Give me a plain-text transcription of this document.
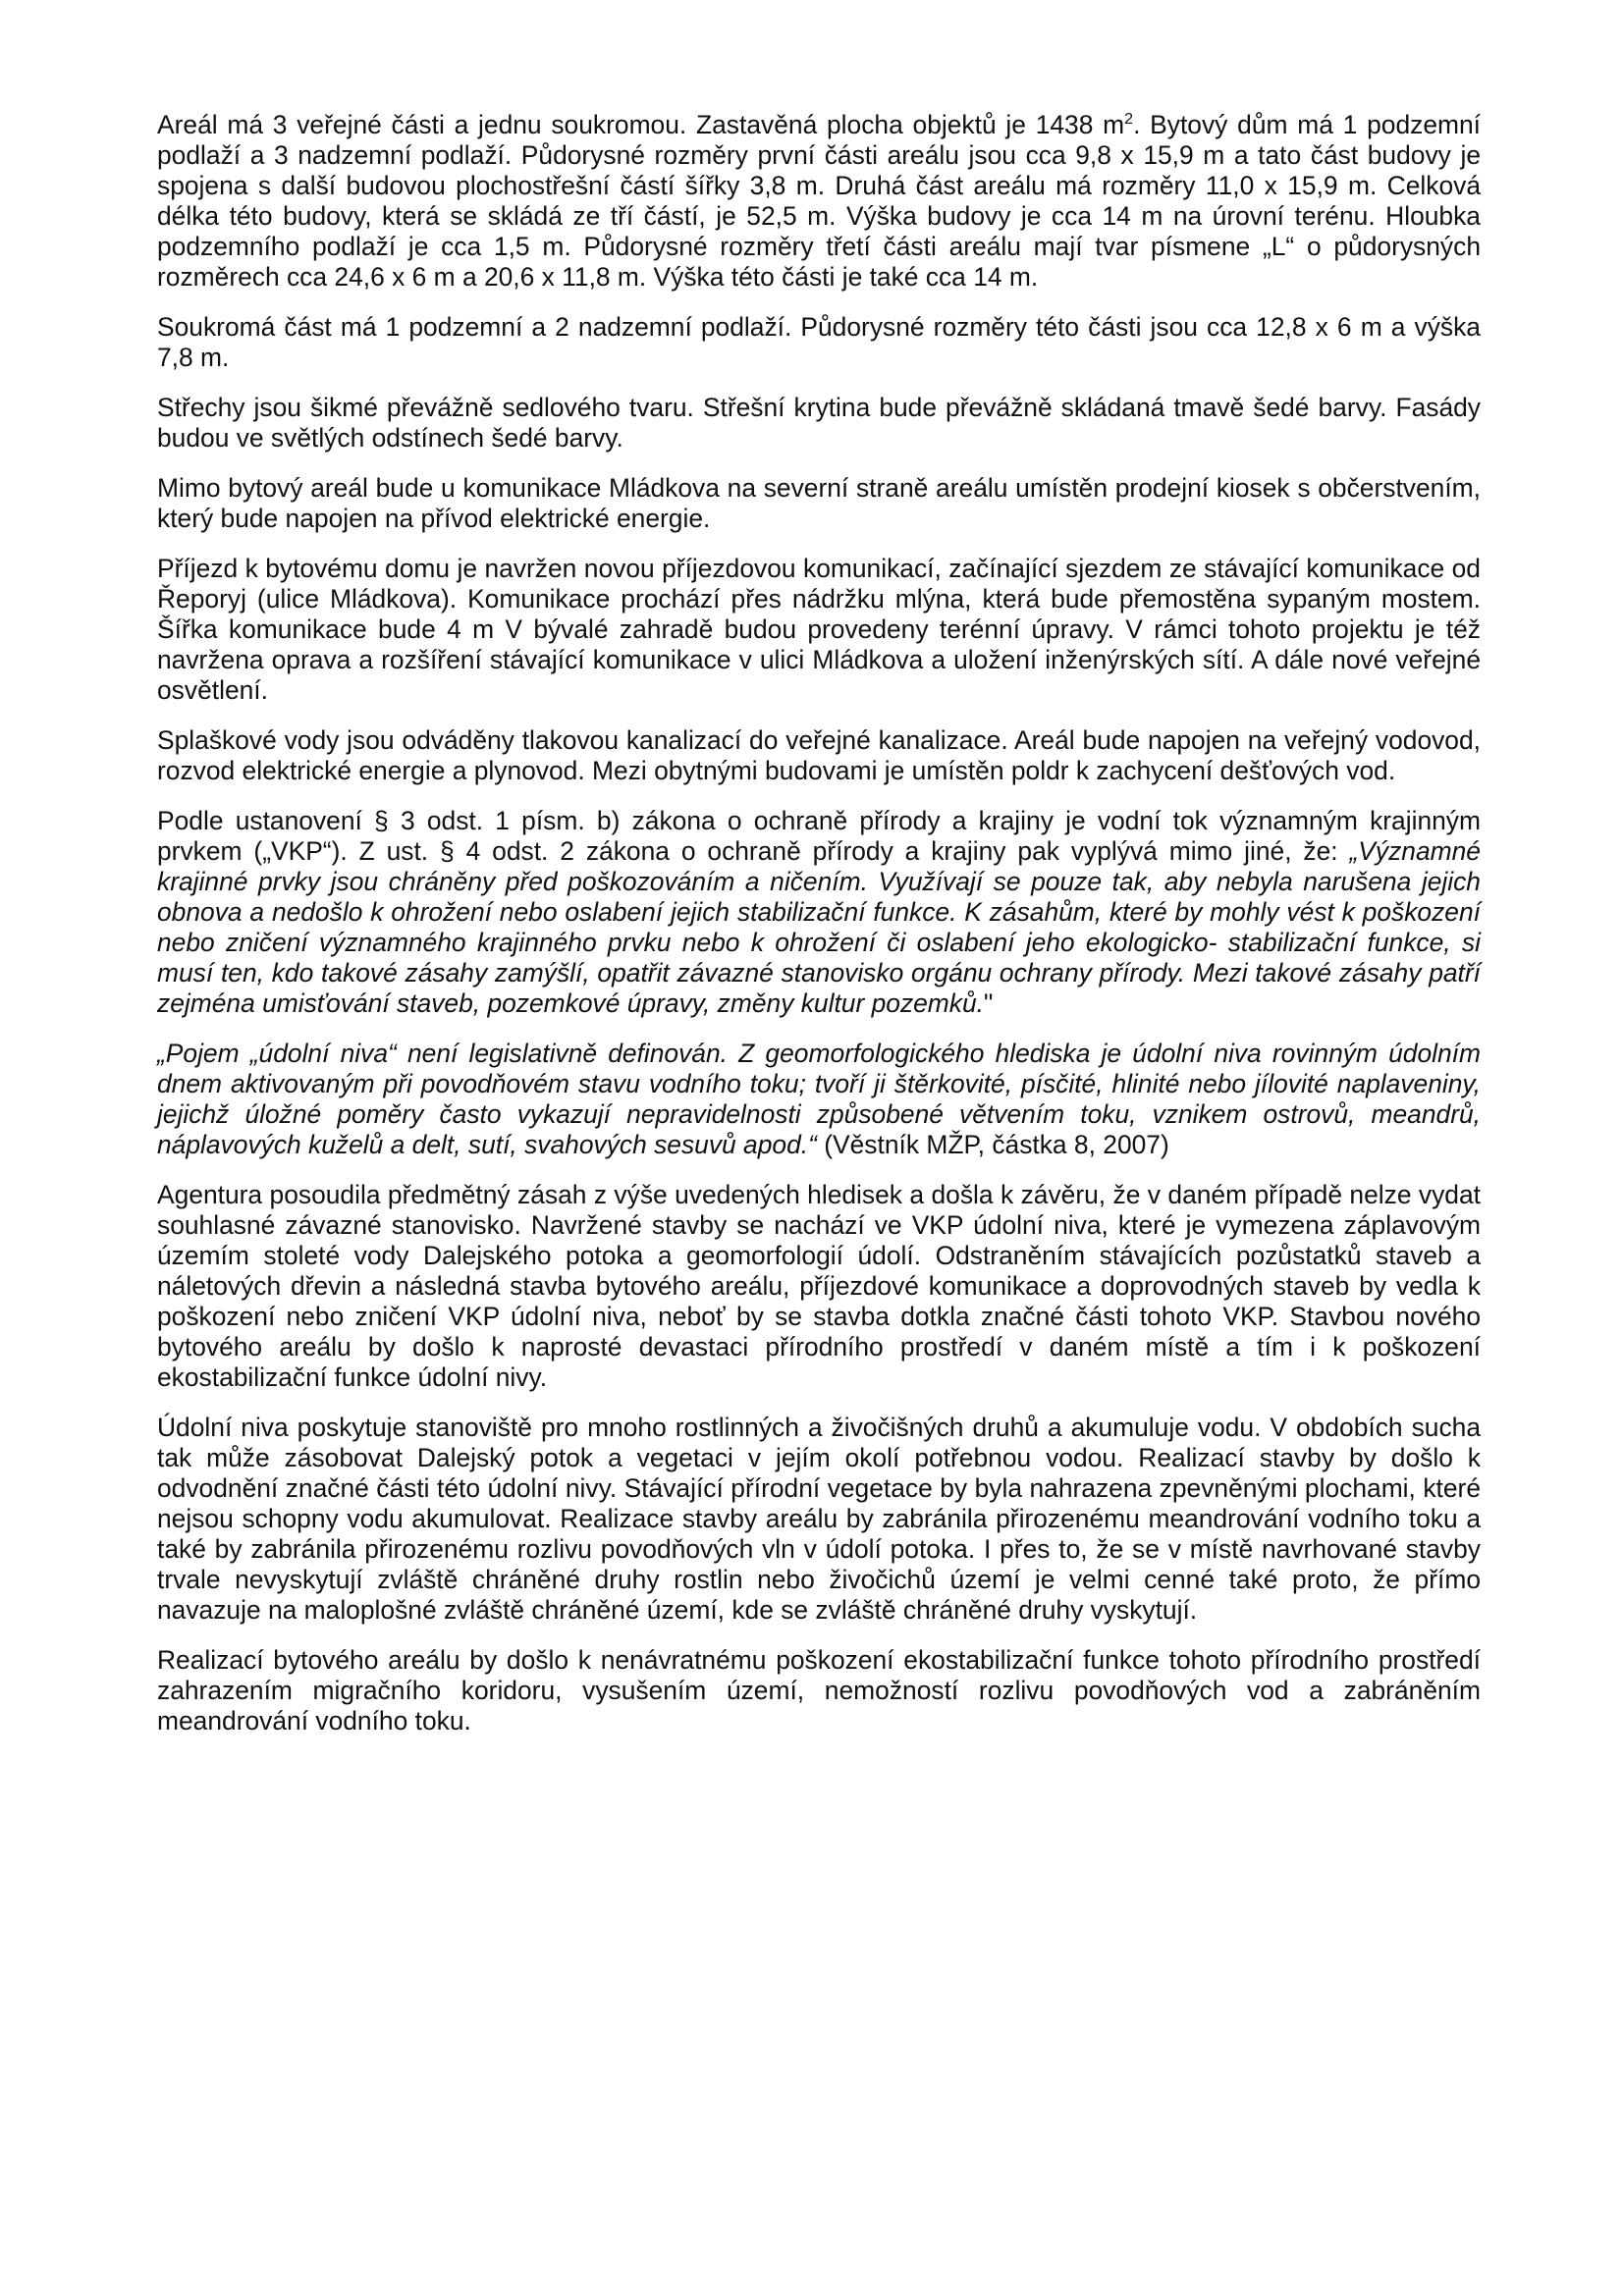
Areál má 3 veřejné části a jednu soukromou. Zastavěná plocha objektů je 1438 $m^2$. Bytový dům má 1 podzemní podlaží a 3 nadzemní podlaží. Půdorysné rozměry první části areálu jsou cca 9,8 x 15,9 m a tato část budovy je spojena s další budovou plochostřešní částí šířky 3,8 m. Druhá část areálu má rozměry 11,0 x 15,9 m. Celková délka této budovy, která se skládá ze tří částí, je 52,5 m. Výška budovy je cca 14 m na úrovní terénu. Hloubka podzemního podlaží je cca 1,5 m. Půdorysné rozměry třetí části areálu mají tvar písmene „L“ o půdorysných rozměrech cca 24,6 x 6 m a 20,6 x 11,8 m. Výška této části je také cca 14 m.

Soukromá část má 1 podzemní a 2 nadzemní podlaží. Půdorysné rozměry této části jsou cca 12,8 x 6 m a výška 7,8 m.

Střechy jsou šikmé převážně sedlového tvaru. Střešní krytina bude převážně skládaná tmavě šedé barvy. Fasády budou ve světlých odstínech šedé barvy.

Mimo bytový areál bude u komunikace Mládkova na severní straně areálu umístěn prodejní kiosek s občerstvením, který bude napojen na přívod elektrické energie.

Příjezd k bytovému domu je navržen novou příjezdovou komunikací, začínající sjezdem ze stávající komunikace od Řeporyj (ulice Mládkova). Komunikace prochází přes nádržku mlýna, která bude přemostěna sypaným mostem. Šířka komunikace bude 4 m V bývalé zahradě budou provedeny terénní úpravy. V rámci tohoto projektu je též navržena oprava a rozšíření stávající komunikace v ulici Mládkova a uložení inženýrských sítí. A dále nové veřejné osvětlení.

Splaškové vody jsou odváděny tlakovou kanalizací do veřejné kanalizace. Areál bude napojen na veřejný vodovod, rozvod elektrické energie a plynovod. Mezi obytnými budovami je umístěn poldr k zachycení dešťových vod.

Podle ustanovení § 3 odst. 1 písm. b) zákona o ochraně přírody a krajiny je vodní tok významným krajinným prvkem („VKP“). Z ust. § 4 odst. 2 zákona o ochraně přírody a krajiny pak vyplývá mimo jiné, že: „Významné krajinné prvky jsou chráněny před poškozováním a ničením. Využívají se pouze tak, aby nebyla narušena jejich obnova a nedošlo k ohrožení nebo oslabení jejich stabilizační funkce. K zásahům, které by mohly vést k poškození nebo zničení významného krajinného prvku nebo k ohrožení či oslabení jeho ekologicko- stabilizační funkce, si musí ten, kdo takové zásahy zamýšlí, opatřit závazné stanovisko orgánu ochrany přírody. Mezi takové zásahy patří zejména umisťování staveb, pozemkové úpravy, změny kultur pozemků."

„Pojem „údolní niva“ není legislativně definován. Z geomorfologického hlediska je údolní niva rovinným údolním dnem aktivovaným při povodňovém stavu vodního toku; tvoří ji štěrkovité, písčité, hlinité nebo jílovité naplaveniny, jejichž úložné poměry často vykazují nepravidelnosti způsobené větvením toku, vznikem ostrovů, meandrů, náplavových kuželů a delt, sutí, svahových sesuvů apod.“ (Věstník MŽP, částka 8, 2007)

Agentura posoudila předmětný zásah z výše uvedených hledisek a došla k závěru, že v daném případě nelze vydat souhlasné závazné stanovisko. Navržené stavby se nachází ve VKP údolní niva, které je vymezena záplavovým územím stoleté vody Dalejského potoka a geomorfologií údolí. Odstraněním stávajících pozůstatků staveb a náletových dřevin a následná stavba bytového areálu, příjezdové komunikace a doprovodných staveb by vedla k poškození nebo zničení VKP údolní niva, neboť by se stavba dotkla značné části tohoto VKP. Stavbou nového bytového areálu by došlo k naprosté devastaci přírodního prostředí v daném místě a tím i k poškození ekostabilizační funkce údolní nivy.

Údolní niva poskytuje stanoviště pro mnoho rostlinných a živočišných druhů a akumuluje vodu. V obdobích sucha tak může zásobovat Dalejský potok a vegetaci v jejím okolí potřebnou vodou. Realizací stavby by došlo k odvodnění značné části této údolní nivy. Stávající přírodní vegetace by byla nahrazena zpevněnými plochami, které nejsou schopny vodu akumulovat. Realizace stavby areálu by zabránila přirozenému meandrování vodního toku a také by zabránila přirozenému rozlivu povodňových vln v údolí potoka. I přes to, že se v místě navrhované stavby trvale nevyskytují zvláště chráněné druhy rostlin nebo živočichů území je velmi cenné také proto, že přímo navazuje na maloplošné zvláště chráněné území, kde se zvláště chráněné druhy vyskytují.

Realizací bytového areálu by došlo k nenávratnému poškození ekostabilizační funkce tohoto přírodního prostředí zahrazením migračního koridoru, vysušením území, nemožností rozlivu povodňových vod a zabráněním meandrování vodního toku.
